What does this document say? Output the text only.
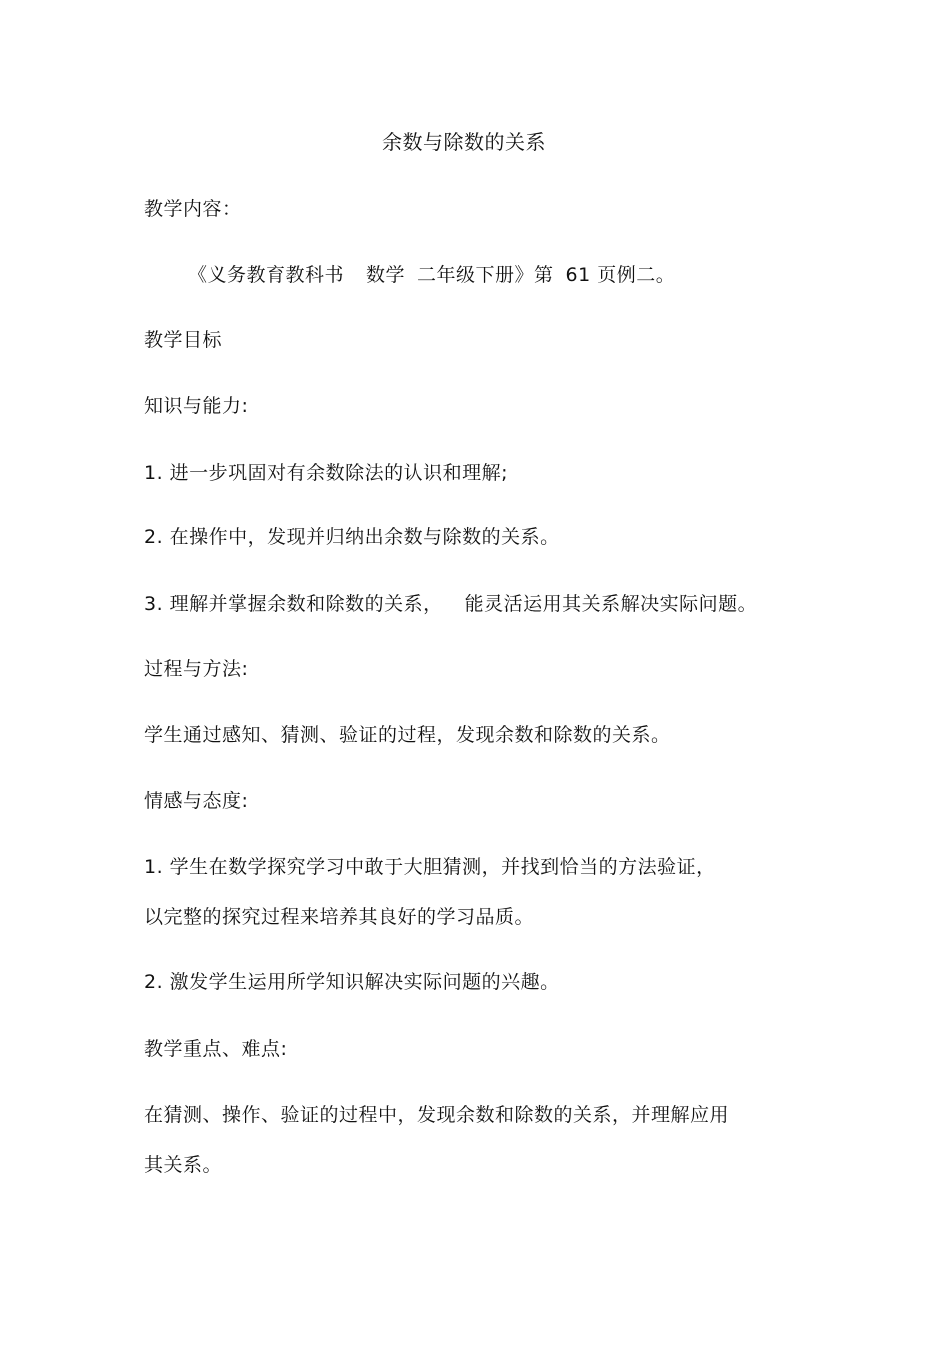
余数与除数的关系
教学内容：
《义务教育教科书 数学 二年级下册》第 61 页例二。
教学目标
知识与能力:
1. 进一步巩固对有余数除法的认识和理解;
2. 在操作中，发现并归纳出余数与除数的关系。
3. 理解并掌握余数和除数的关系， 能灵活运用其关系解决实际问题。
过程与方法:
学生通过感知、猜测、验证的过程，发现余数和除数的关系。
情感与态度:
1. 学生在数学探究学习中敢于大胆猜测，并找到恰当的方法验证，
以完整的探究过程来培养其良好的学习品质。
2. 激发学生运用所学知识解决实际问题的兴趣。
教学重点、难点:
在猜测、操作、验证的过程中，发现余数和除数的关系，并理解应用
其关系。
